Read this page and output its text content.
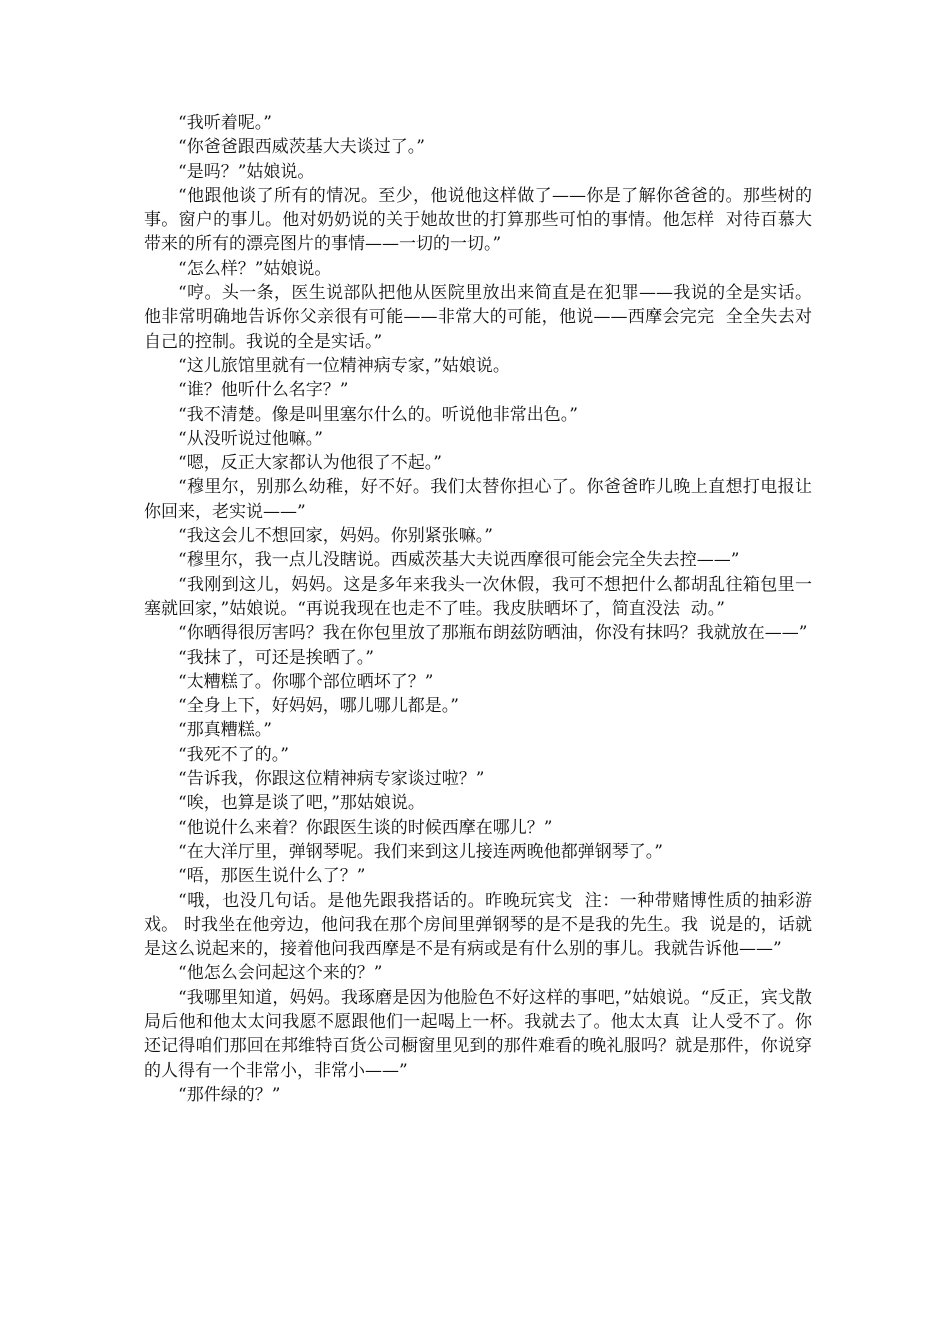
“我听着呢。”

“你爸爸跟西威茨基大夫谈过了。”

“是吗？”姑娘说。

“他跟他谈了所有的情况。至少，他说他这样做了——你是了解你爸爸的。那些树的事。窗户的事儿。他对奶奶说的关于她故世的打算那些可怕的事情。他怎样  对待百慕大带来的所有的漂亮图片的事情——一切的一切。”

“怎么样？”姑娘说。

“哼。头一条，医生说部队把他从医院里放出来简直是在犯罪——我说的全是实话。他非常明确地告诉你父亲很有可能——非常大的可能，他说——西摩会完完  全全失去对自己的控制。我说的全是实话。”

“这儿旅馆里就有一位精神病专家，”姑娘说。

“谁？他听什么名字？”

“我不清楚。像是叫里塞尔什么的。听说他非常出色。”

“从没听说过他嘛。”

“嗯，反正大家都认为他很了不起。”

“穆里尔，别那么幼稚，好不好。我们太替你担心了。你爸爸昨儿晚上直想打电报让你回来，老实说——”

“我这会儿不想回家，妈妈。你别紧张嘛。”

“穆里尔，我一点儿没瞎说。西威茨基大夫说西摩很可能会完全失去控——”

“我刚到这儿，妈妈。这是多年来我头一次休假，我可不想把什么都胡乱往箱包里一塞就回家，”姑娘说。“再说我现在也走不了哇。我皮肤晒坏了，简直没法  动。”

“你晒得很厉害吗？我在你包里放了那瓶布朗兹防晒油，你没有抹吗？我就放在——”

“我抹了，可还是挨晒了。”

“太糟糕了。你哪个部位晒坏了？”

“全身上下，好妈妈，哪儿哪儿都是。”

“那真糟糕。”

“我死不了的。”

“告诉我，你跟这位精神病专家谈过啦？”

“唉，也算是谈了吧，”那姑娘说。

“他说什么来着？你跟医生谈的时候西摩在哪儿？”

“在大洋厅里，弹钢琴呢。我们来到这儿接连两晚他都弹钢琴了。”

“唔，那医生说什么了？”

“哦，也没几句话。是他先跟我搭话的。昨晚玩宾戈  注：一种带赌博性质的抽彩游戏。 时我坐在他旁边，他问我在那个房间里弹钢琴的是不是我的先生。我  说是的，话就是这么说起来的，接着他问我西摩是不是有病或是有什么别的事儿。我就告诉他——”

“他怎么会问起这个来的？”

“我哪里知道，妈妈。我琢磨是因为他脸色不好这样的事吧，”姑娘说。“反正，宾戈散局后他和他太太问我愿不愿跟他们一起喝上一杯。我就去了。他太太真  让人受不了。你还记得咱们那回在邦维特百货公司橱窗里见到的那件难看的晚礼服吗？就是那件，你说穿的人得有一个非常小，非常小——”

“那件绿的？”
